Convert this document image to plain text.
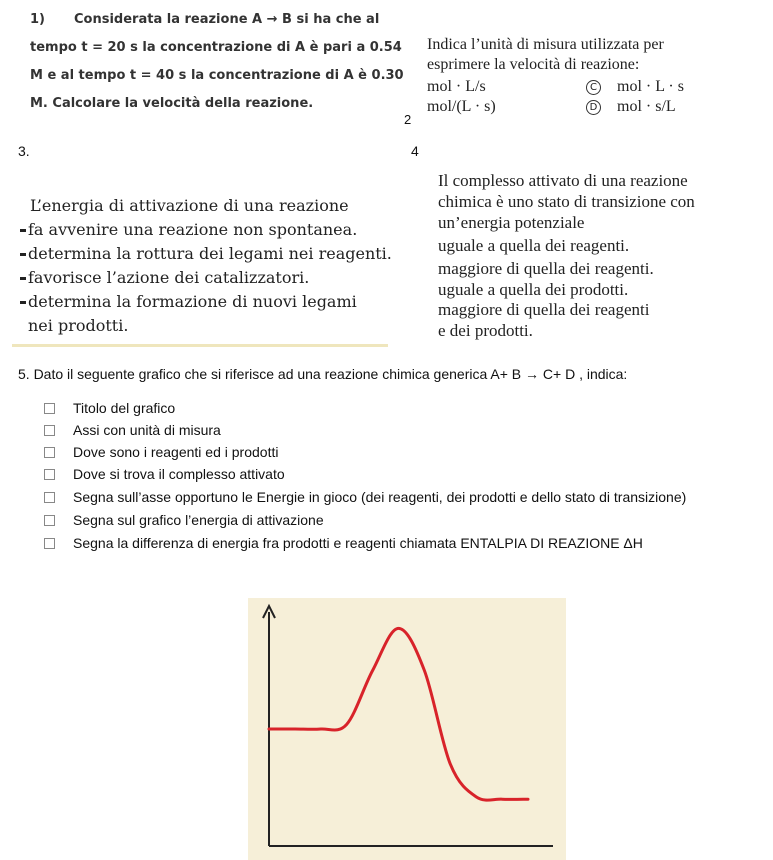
1) Considerata la reazione A → B si ha che al
tempo t = 20 s la concentrazione di A è pari a 0.54
M e al tempo t = 40 s la concentrazione di A è 0.30
M. Calcolare la velocità della reazione.
2
Indica l’unità di misura utilizzata per
esprimere la velocità di reazione:
mol · L/s
mol/(L · s)
C mol · L · s
D mol · s/L
3.
L’energia di attivazione di una reazione
fa avvenire una reazione non spontanea.
determina la rottura dei legami nei reagenti.
favorisce l’azione dei catalizzatori.
determina la formazione di nuovi legami
nei prodotti.
4
Il complesso attivato di una reazione
chimica è uno stato di transizione con
un’energia potenziale
uguale a quella dei reagenti.
maggiore di quella dei reagenti.
uguale a quella dei prodotti.
maggiore di quella dei reagenti
e dei prodotti.
5. Dato il seguente grafico che si riferisce ad una reazione chimica generica A+ B → C+ D , indica:
Titolo del grafico
Assi con unità di misura
Dove sono i reagenti ed i prodotti
Dove si trova il complesso attivato
Segna sull’asse opportuno le Energie in gioco (dei reagenti, dei prodotti e dello stato di transizione)
Segna sul grafico l’energia di attivazione
Segna la differenza di energia fra prodotti e reagenti chiamata ENTALPIA DI REAZIONE ΔH
